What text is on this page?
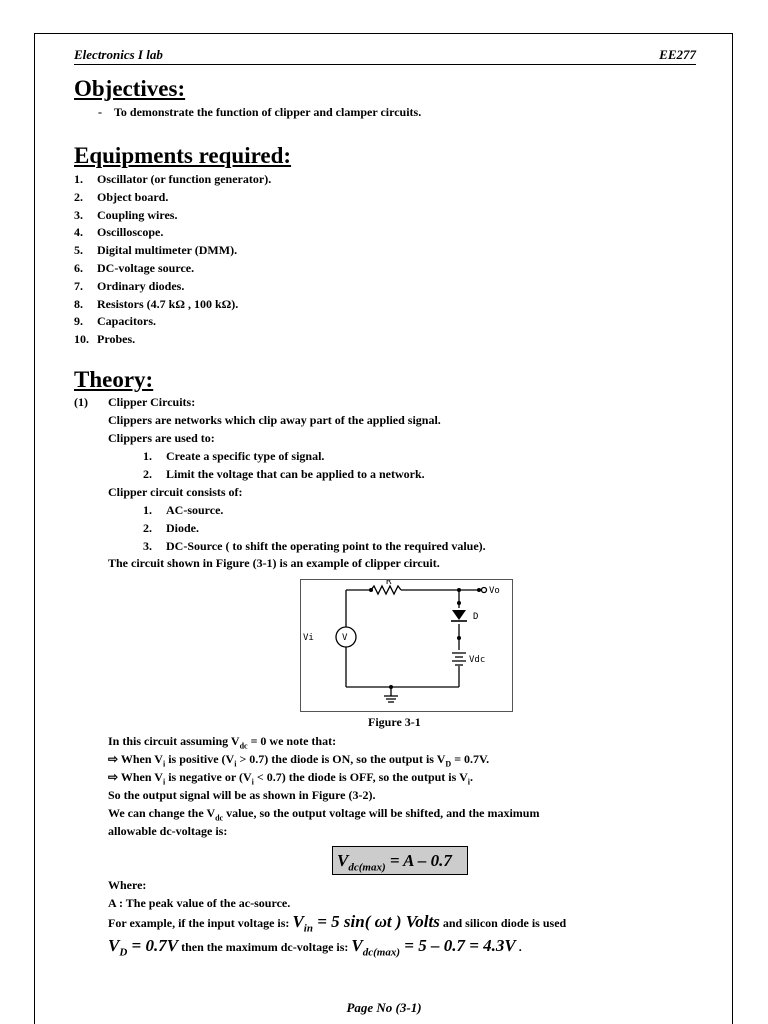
Electronics I lab	EE277
Objectives:
- To demonstrate the function of clipper and clamper circuits.
Equipments required:
1. Oscillator (or function generator).
2. Object board.
3. Coupling wires.
4. Oscilloscope.
5. Digital multimeter (DMM).
6. DC-voltage source.
7. Ordinary diodes.
8. Resistors (4.7 kΩ , 100 kΩ).
9. Capacitors.
10. Probes.
Theory:
(1) Clipper Circuits:
Clippers are networks which clip away part of the applied signal.
Clippers are used to:
1. Create a specific type of signal.
2. Limit the voltage that can be applied to a network.
Clipper circuit consists of:
1. AC-source.
2. Diode.
3. DC-Source ( to shift the operating point to the required value).
The circuit shown in Figure (3-1) is an example of clipper circuit.
R
Vo
D
Vi	V
Vdc
Figure 3-1
In this circuit assuming $V_{dc} = 0$ we note that:
⇨ When $V_i$ is positive $(V_i > 0.7)$ the diode is ON, so the output is $V_D = 0.7V$.
⇨ When $V_i$ is negative or $(V_i < 0.7)$ the diode is OFF, so the output is $V_i$.
So the output signal will be as shown in Figure (3-2).
We can change the $V_{dc}$ value, so the output voltage will be shifted, and the maximum
allowable dc-voltage is:
$V_{dc(max)} = A - 0.7$
Where:
A : The peak value of the ac-source.
For example, if the input voltage is: $V_{in} = 5$ sin( ωt ) Volts and silicon diode is used
$V_D = 0.7V$ then the maximum dc-voltage is: $V_{dc(max)} = 5 - 0.7 = 4.3V$ .
Page No (3-1)
